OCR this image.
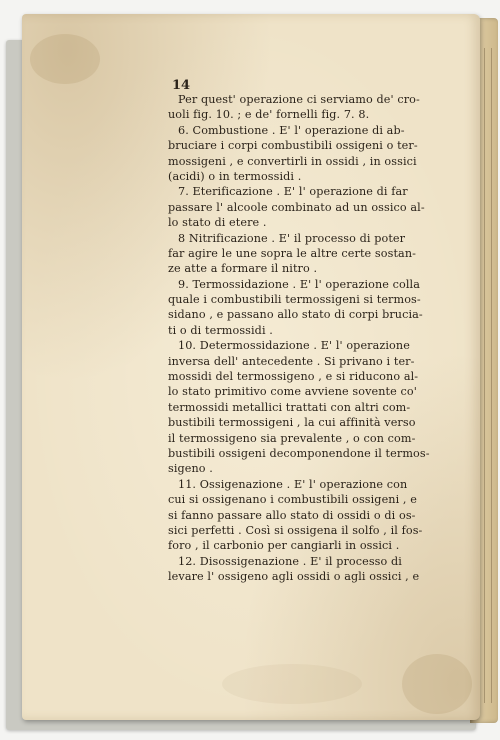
14
Per quest' operazione ci serviamo de' cro-
uoli fig. 10. ; e de' fornelli fig. 7. 8.
6. Combustione . E' l' operazione di ab-
bruciare i corpi combustibili ossigeni o ter-
mossigeni , e convertirli in ossidi , in ossici
(acidi) o in termossidi .
7. Eterificazione . E' l' operazione di far
passare l' alcoole combinato ad un ossico al-
lo stato di etere .
8 Nitrificazione . E' il processo di poter
far agire le une sopra le altre certe sostan-
ze atte a formare il nitro .
9. Termossidazione . E' l' operazione colla
quale i combustibili termossigeni si termos-
sidano , e passano allo stato di corpi brucia-
ti o di termossidi .
10. Determossidazione . E' l' operazione
inversa dell' antecedente . Si privano i ter-
mossidi del termossigeno , e si riducono al-
lo stato primitivo come avviene sovente co'
termossidi metallici trattati con altri com-
bustibili termossigeni , la cui affinità verso
il termossigeno sia prevalente , o con com-
bustibili ossigeni decomponendone il termos-
sigeno .
11. Ossigenazione . E' l' operazione con
cui si ossigenano i combustibili ossigeni , e
si fanno passare allo stato di ossidi o di os-
sici perfetti . Così si ossigena il solfo , il fos-
foro , il carbonio per cangiarli in ossici .
12. Disossigenazione . E' il processo di
levare l' ossigeno agli ossidi o agli ossici , e
